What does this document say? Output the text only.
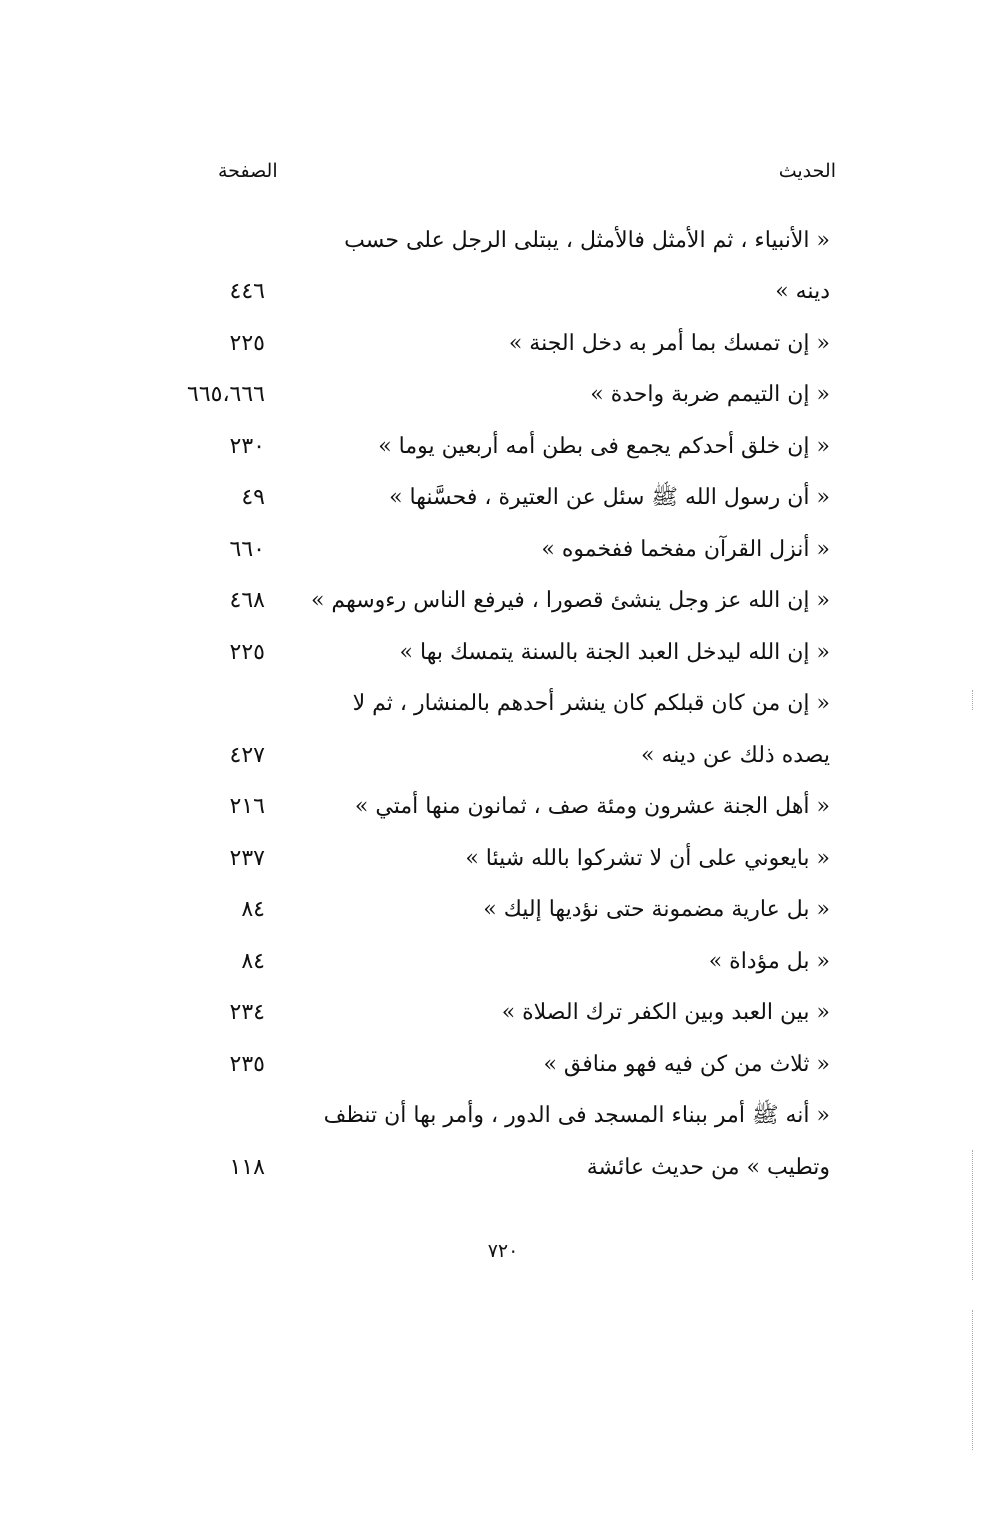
الحديث
الصفحة
« الأنبياء ، ثم الأمثل فالأمثل ، يبتلى الرجل على حسب
دينه »
٤٤٦
« إن تمسك بما أمر به دخل الجنة »
٢٢٥
« إن التيمم ضربة واحدة »
٦٦٥،٦٦٦
« إن خلق أحدكم يجمع فى بطن أمه أربعين يوما »
٢٣٠
« أن رسول الله ﷺ سئل عن العتيرة ، فحسَّنها »
٤٩
« أنزل القرآن مفخما ففخموه »
٦٦٠
« إن الله عز وجل ينشئ قصورا ، فيرفع الناس رءوسهم »
٤٦٨
« إن الله ليدخل العبد الجنة بالسنة يتمسك بها »
٢٢٥
« إن من كان قبلكم كان ينشر أحدهم بالمنشار ، ثم لا
يصده ذلك عن دينه »
٤٢٧
« أهل الجنة عشرون ومئة صف ، ثمانون منها أمتي »
٢١٦
« بايعوني على أن لا تشركوا بالله شيئا »
٢٣٧
« بل عارية مضمونة حتى نؤديها إليك »
٨٤
« بل مؤداة »
٨٤
« بين العبد وبين الكفر ترك الصلاة »
٢٣٤
« ثلاث من كن فيه فهو منافق »
٢٣٥
« أنه ﷺ أمر ببناء المسجد فى الدور ، وأمر بها أن تنظف
وتطيب » من حديث عائشة
١١٨
٧٢٠
